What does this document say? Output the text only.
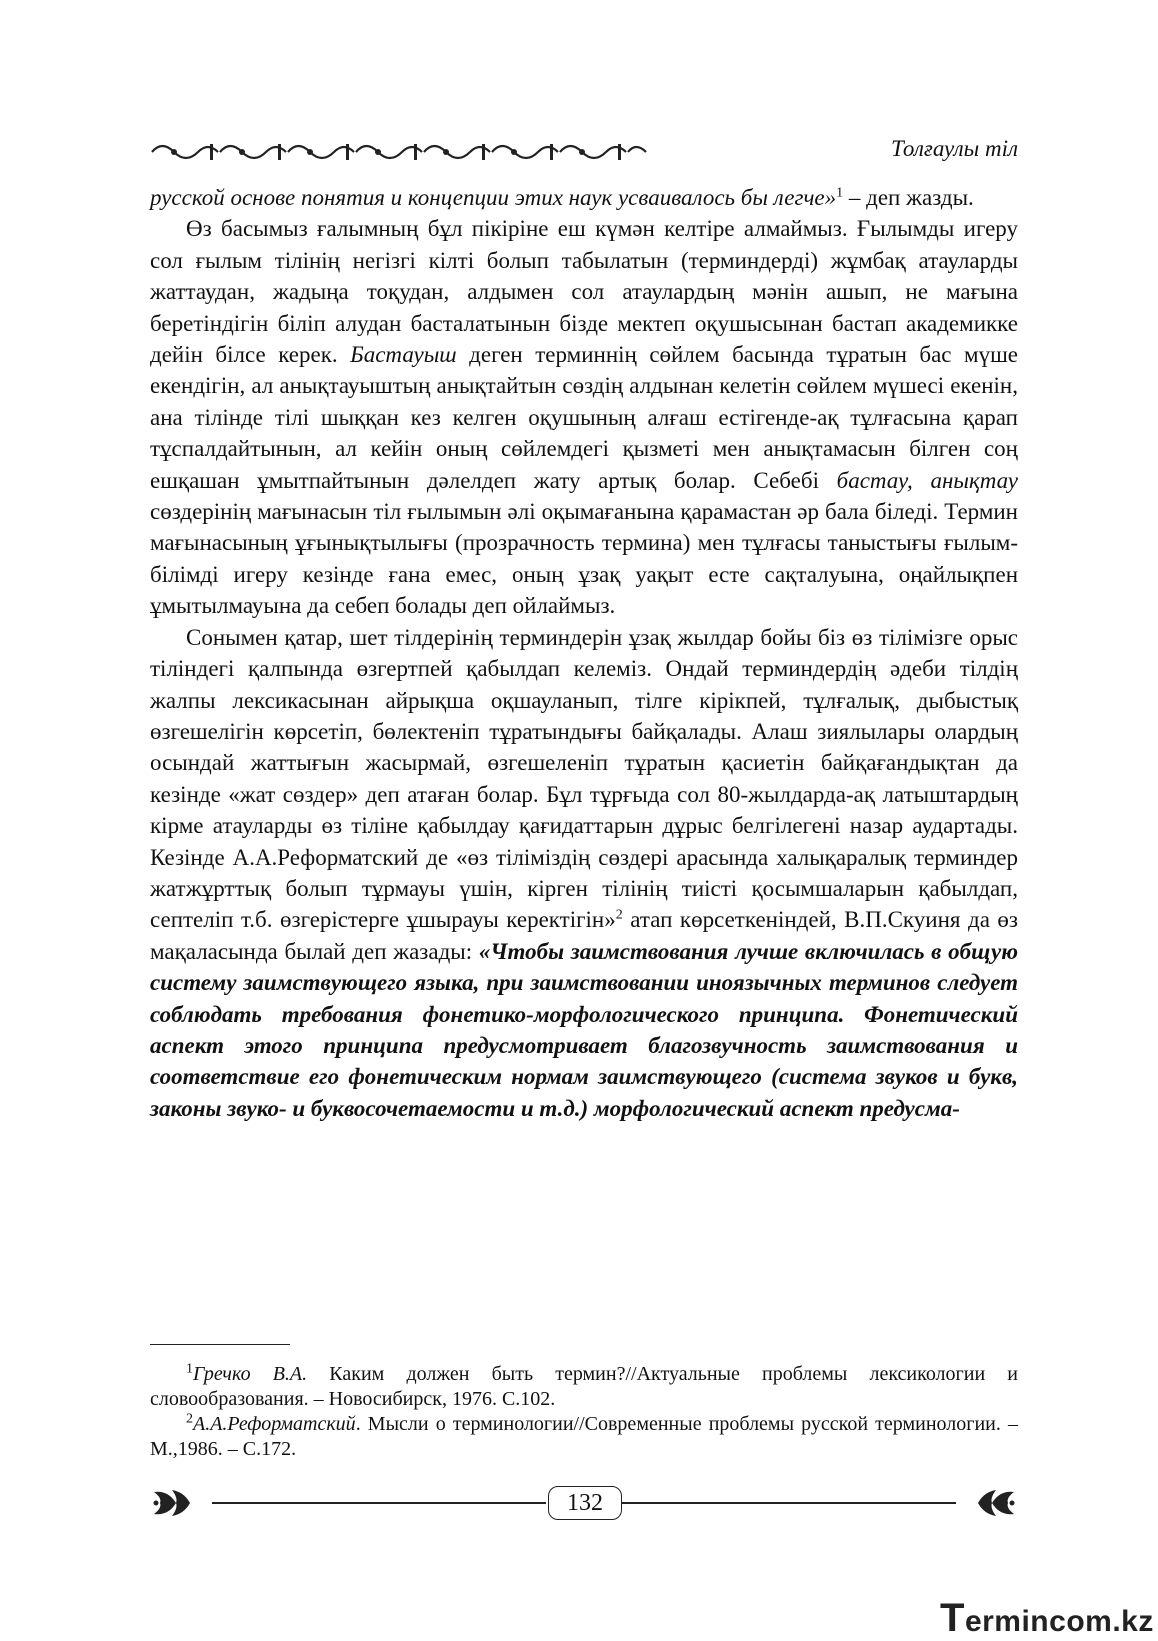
Толғаулы тіл

русской основе понятия и концепции этих наук усваивалось бы легче»$^1$ – деп жазды.

Өз басымыз ғалымның бұл пікіріне еш күмән келтіре алмаймыз. Ғылымды игеру сол ғылым тілінің негізгі кілті болып табылатын (терминдерді) жұмбақ атауларды жаттаудан, жадыңа тоқудан, алдымен сол атаулардың мәнін ашып, не мағына беретіндігін біліп алудан басталатынын бізде мектеп оқушысынан бастап академикке дейін білсе керек. Бастауыш деген терминнің сөйлем басында тұратын бас мүше екендігін, ал анықтауыштың анықтайтын сөздің алдынан келетін сөйлем мүшесі екенін, ана тілінде тілі шыққан кез келген оқушының алғаш естігенде-ақ тұлғасына қарап тұспалдайтынын, ал кейін оның сөйлемдегі қызметі мен анықтамасын білген соң ешқашан ұмытпайтынын дәлелдеп жату артық болар. Себебі бастау, анықтау сөздерінің мағынасын тіл ғылымын әлі оқымағанына қарамастан әр бала біледі. Термин мағынасының ұғынықтылығы (прозрачность термина) мен тұлғасы таныстығы ғылым-білімді игеру кезінде ғана емес, оның ұзақ уақыт есте сақталуына, оңайлықпен ұмытылмауына да себеп болады деп ойлаймыз.

Сонымен қатар, шет тілдерінің терминдерін ұзақ жылдар бойы біз өз тілімізге орыс тіліндегі қалпында өзгертпей қабылдап келеміз. Ондай терминдердің әдеби тілдің жалпы лексикасынан айрықша оқшауланып, тілге кірікпей, тұлғалық, дыбыстық өзгешелігін көрсетіп, бөлектеніп тұратындығы байқалады. Алаш зиялылары олардың осындай жаттығын жасырмай, өзгешеленіп тұратын қасиетін байқағандықтан да кезінде «жат сөздер» деп атаған болар. Бұл тұрғыда сол 80-жылдарда-ақ латыштардың кірме атауларды өз тіліне қабылдау қағидаттарын дұрыс белгілегені назар аудартады. Кезінде А.А.Реформатский де «өз тіліміздің сөздері арасында халықаралық терминдер жатжұрттық болып тұрмауы үшін, кірген тілінің тиісті қосымшаларын қабылдап, септеліп т.б. өзгерістерге ұшырауы керектігін»$^2$ атап көрсеткеніндей, В.П.Скуиня да өз мақаласында былай деп жазады: «Чтобы заимствования лучше включилась в общую систему заимствующего языка, при заимствовании иноязычных терминов следует соблюдать требования фонетико-морфологического принципа. Фонетический аспект этого принципа предусмотривает благозвучность заимствования и соответствие его фонетическим нормам заимствующего (система звуков и букв, законы звуко- и буквосочетаемости и т.д.) морфологический аспект предусма-

$^1$Гречко В.А. Каким должен быть термин?//Актуальные проблемы лексикологии и словообразования. – Новосибирск, 1976. С.102.

$^2$А.А.Реформатский. Мысли о терминологии//Современные проблемы русской терминологии. – М.,1986. – С.172.

132
Termincom.kz
